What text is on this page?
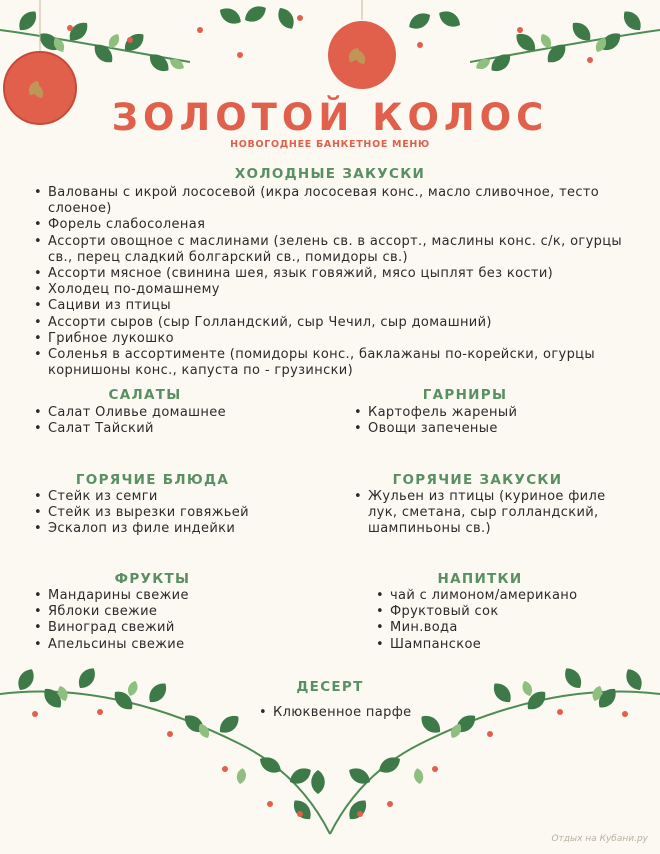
ЗОЛОТОЙ КОЛОС
НОВОГОДНЕЕ БАНКЕТНОЕ МЕНЮ
ХОЛОДНЫЕ ЗАКУСКИ
• Валованы с икрой лососевой (икра лососевая конс., масло сливочное, тесто слоеное)
• Форель слабосоленая
• Ассорти овощное с маслинами (зелень св. в ассорт., маслины конс. с/к, огурцы св., перец сладкий болгарский св., помидоры св.)
• Ассорти мясное (свинина шея, язык говяжий, мясо цыплят без кости)
• Холодец по-домашнему
• Сациви из птицы
• Ассорти сыров (сыр Голландский, сыр Чечил, сыр домашний)
• Грибное лукошко
• Соленья в ассортименте (помидоры конс., баклажаны по-корейски, огурцы корнишоны конс., капуста по - грузински)
САЛАТЫ
• Салат Оливье домашнее
• Салат Тайский
ГАРНИРЫ
• Картофель жареный
• Овощи запеченые
ГОРЯЧИЕ БЛЮДА
• Стейк из семги
• Стейк из вырезки говяжьей
• Эскалоп из филе индейки
ГОРЯЧИЕ ЗАКУСКИ
• Жульен из птицы (куриное филе лук, сметана, сыр голландский, шампиньоны св.)
ФРУКТЫ
• Мандарины свежие
• Яблоки свежие
• Виноград свежий
• Апельсины свежие
НАПИТКИ
• чай с лимоном/американо
• Фруктовый сок
• Мин.вода
• Шампанское
ДЕСЕРТ
• Клюквенное парфе
Отдых на Кубани.ру
